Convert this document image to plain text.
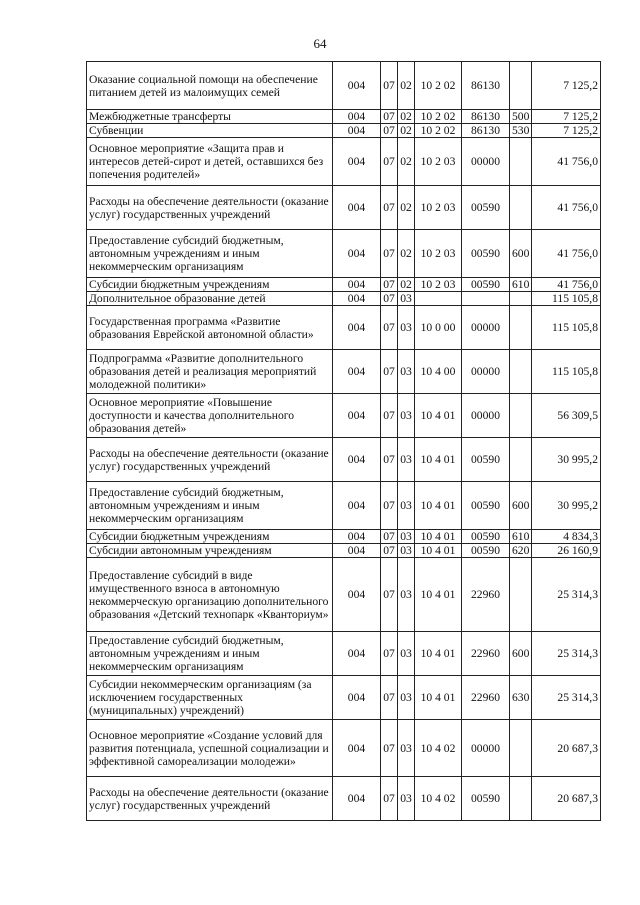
64
Оказание социальной помощи на обеспечение питанием детей из малоимущих семей	004	07	02	10 2 02	86130		7 125,2
Межбюджетные трансферты	004	07	02	10 2 02	86130	500	7 125,2
Субвенции	004	07	02	10 2 02	86130	530	7 125,2
Основное мероприятие «Защита прав и интересов детей-сирот и детей, оставшихся без попечения родителей»	004	07	02	10 2 03	00000		41 756,0
Расходы на обеспечение деятельности (оказание услуг) государственных учреждений	004	07	02	10 2 03	00590		41 756,0
Предоставление субсидий бюджетным, автономным учреждениям и иным некоммерческим организациям	004	07	02	10 2 03	00590	600	41 756,0
Субсидии бюджетным учреждениям	004	07	02	10 2 03	00590	610	41 756,0
Дополнительное образование детей	004	07	03				115 105,8
Государственная программа «Развитие образования Еврейской автономной области»	004	07	03	10 0 00	00000		115 105,8
Подпрограмма «Развитие дополнительного образования детей и реализация мероприятий молодежной политики»	004	07	03	10 4 00	00000		115 105,8
Основное мероприятие «Повышение доступности и качества дополнительного образования детей»	004	07	03	10 4 01	00000		56 309,5
Расходы на обеспечение деятельности (оказание услуг) государственных учреждений	004	07	03	10 4 01	00590		30 995,2
Предоставление субсидий бюджетным, автономным учреждениям и иным некоммерческим организациям	004	07	03	10 4 01	00590	600	30 995,2
Субсидии бюджетным учреждениям	004	07	03	10 4 01	00590	610	4 834,3
Субсидии автономным учреждениям	004	07	03	10 4 01	00590	620	26 160,9
Предоставление субсидий в виде имущественного взноса в автономную некоммерческую организацию дополнительного образования «Детский технопарк «Кванториум»	004	07	03	10 4 01	22960		25 314,3
Предоставление субсидий бюджетным, автономным учреждениям и иным некоммерческим организациям	004	07	03	10 4 01	22960	600	25 314,3
Субсидии некоммерческим организациям (за исключением государственных (муниципальных) учреждений)	004	07	03	10 4 01	22960	630	25 314,3
Основное мероприятие «Создание условий для развития потенциала, успешной социализации и эффективной самореализации молодежи»	004	07	03	10 4 02	00000		20 687,3
Расходы на обеспечение деятельности (оказание услуг) государственных учреждений	004	07	03	10 4 02	00590		20 687,3
